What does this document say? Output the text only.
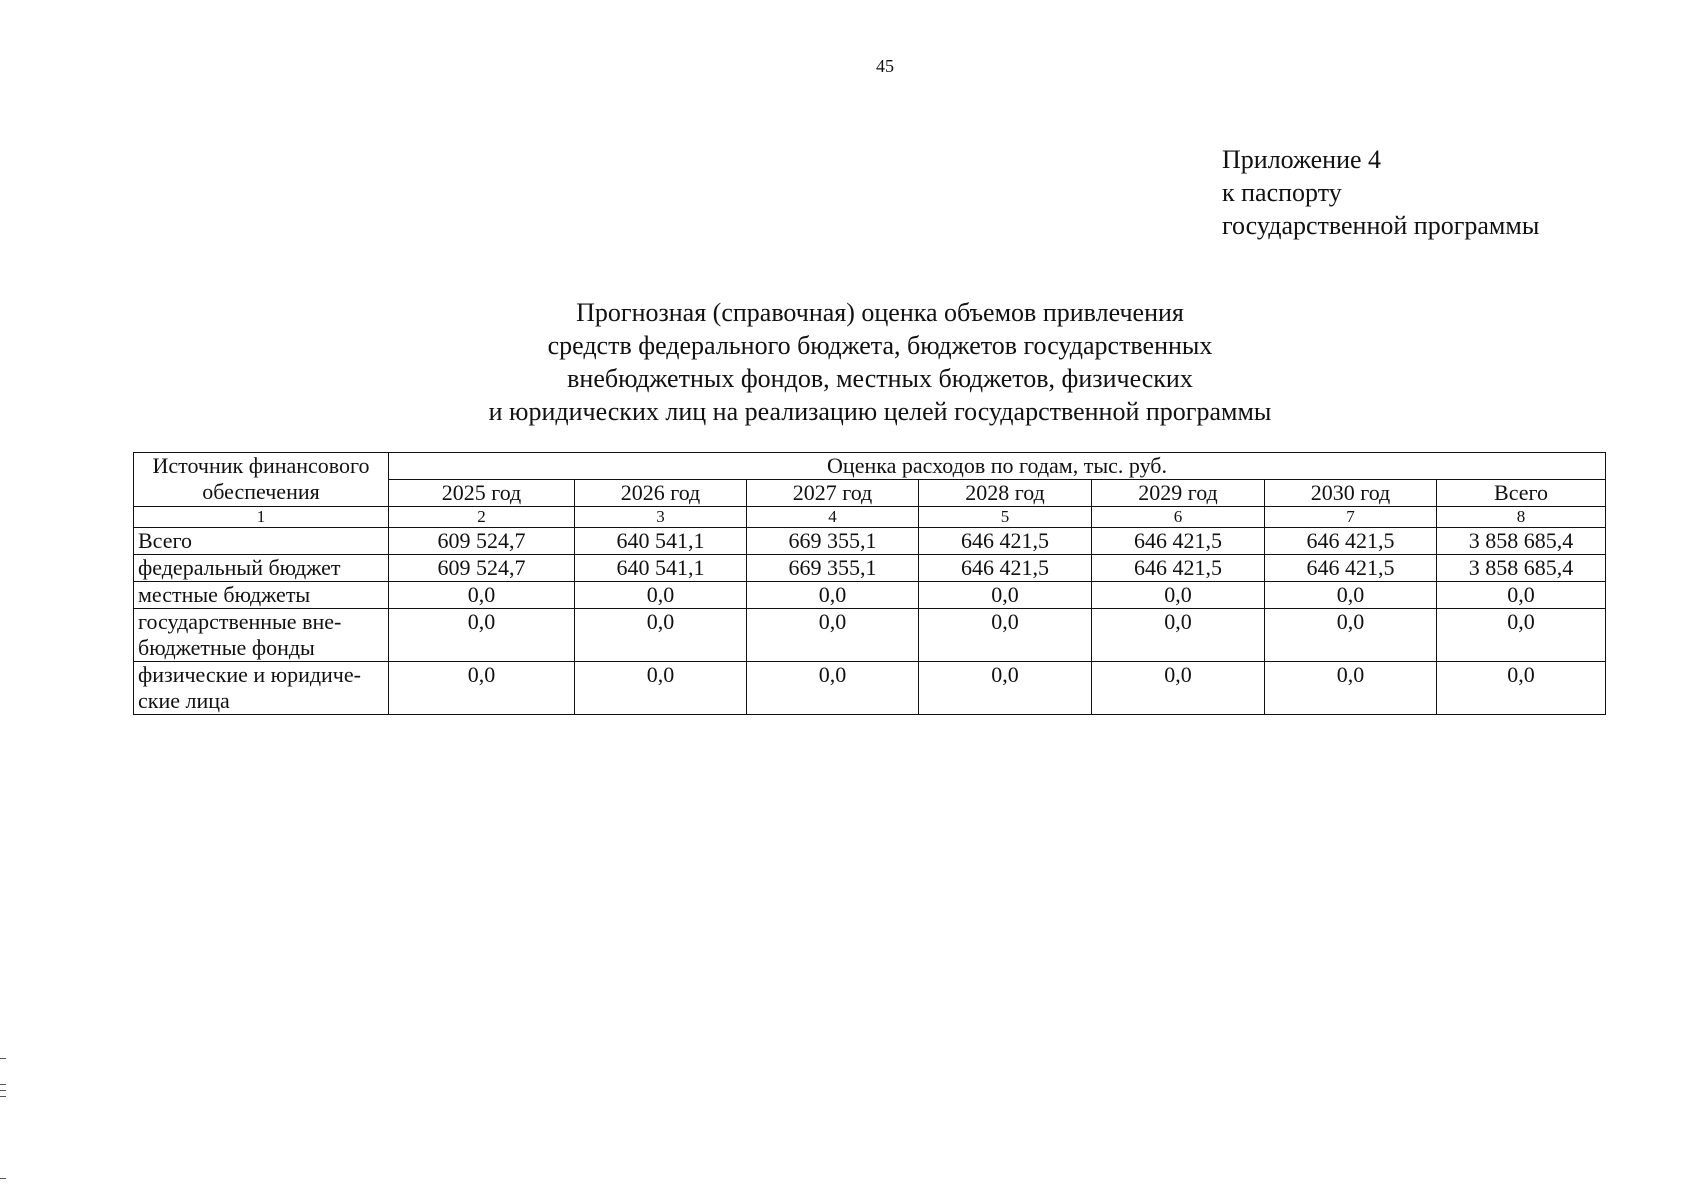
45
Приложение 4
к паспорту
государственной программы
Прогнозная (справочная) оценка объемов привлечения
средств федерального бюджета, бюджетов государственных
внебюджетных фондов, местных бюджетов, физических
и юридических лиц на реализацию целей государственной программы
Источник финансового обеспечения	Оценка расходов по годам, тыс. руб.						
	2025 год	2026 год	2027 год	2028 год	2029 год	2030 год	Всего
1	2	3	4	5	6	7	8
Всего	609 524,7	640 541,1	669 355,1	646 421,5	646 421,5	646 421,5	3 858 685,4
федеральный бюджет	609 524,7	640 541,1	669 355,1	646 421,5	646 421,5	646 421,5	3 858 685,4
местные бюджеты	0,0	0,0	0,0	0,0	0,0	0,0	0,0
государственные вне-бюджетные фонды	0,0	0,0	0,0	0,0	0,0	0,0	0,0
физические и юридиче-ские лица	0,0	0,0	0,0	0,0	0,0	0,0	0,0
